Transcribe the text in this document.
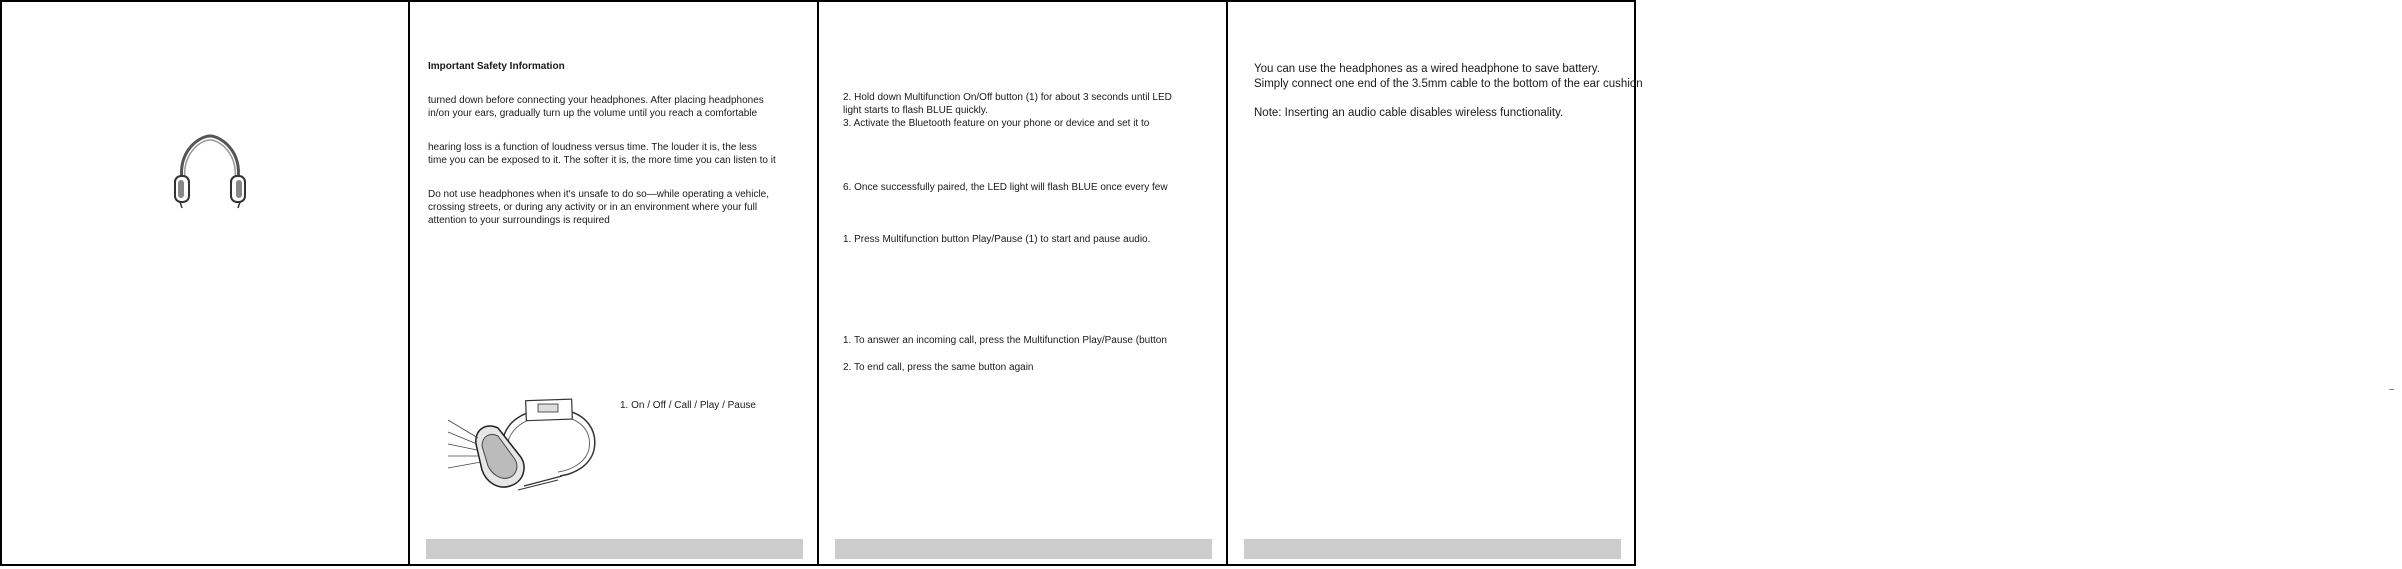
Important Safety Information

turned down before connecting your headphones. After placing headphones

in/on your ears, gradually turn up the volume until you reach a comfortable

hearing loss is a function of loudness versus time. The louder it is, the less

time you can be exposed to it. The softer it is, the more time you can listen to it

Do not use headphones when it's unsafe to do so—while operating a vehicle,

crossing streets, or during any activity or in an environment where your full

attention to your surroundings is required

1. On / Off / Call / Play / Pause

2. Hold down Multifunction On/Off button (1) for about 3 seconds until LED

light starts to flash BLUE quickly.

3. Activate the Bluetooth feature on your phone or device and set it to

6. Once successfully paired, the LED light will flash BLUE once every few

1. Press Multifunction button Play/Pause (1) to start and pause audio.

1. To answer an incoming call, press the Multifunction Play/Pause (button

2. To end call, press the same button again

You can use the headphones as a wired headphone to save battery.

Simply connect one end of the 3.5mm cable to the bottom of the ear cushion

Note: Inserting an audio cable disables wireless functionality.
